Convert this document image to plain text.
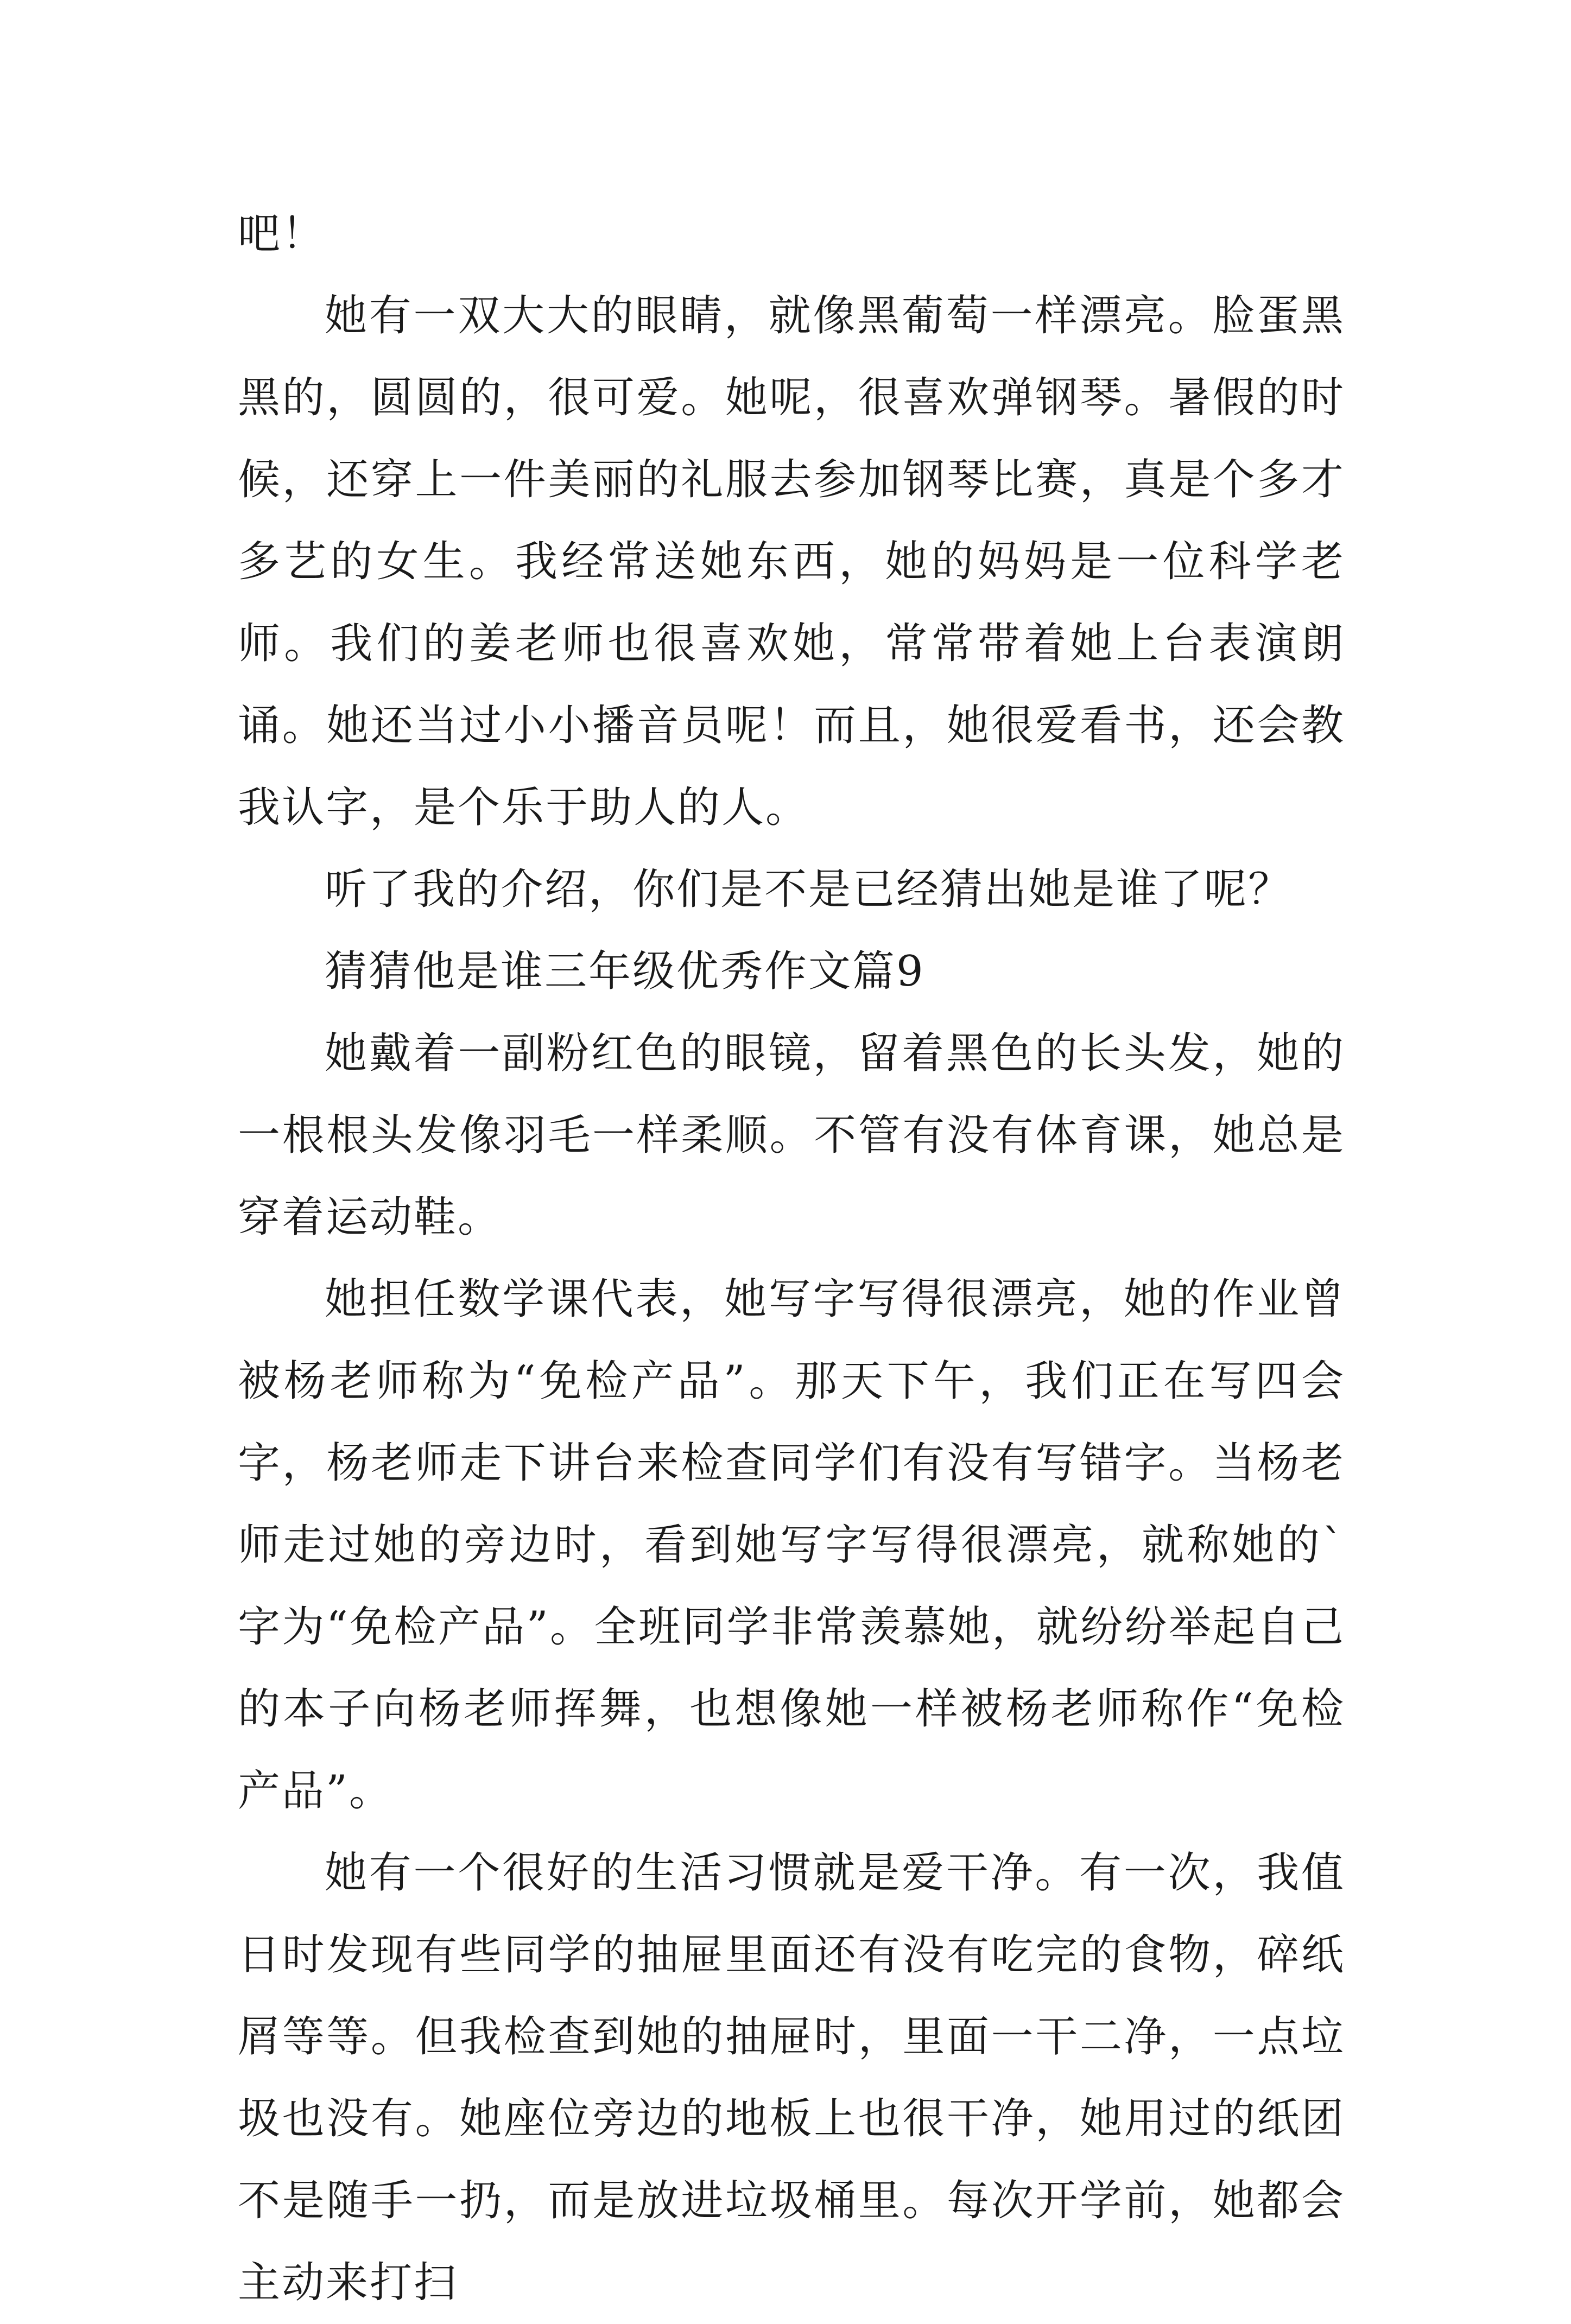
吧！

她有一双大大的眼睛，就像黑葡萄一样漂亮。脸蛋黑黑的，圆圆的，很可爱。她呢，很喜欢弹钢琴。暑假的时候，还穿上一件美丽的礼服去参加钢琴比赛，真是个多才多艺的女生。我经常送她东西，她的妈妈是一位科学老师。我们的姜老师也很喜欢她，常常带着她上台表演朗诵。她还当过小小播音员呢！而且，她很爱看书，还会教我认字，是个乐于助人的人。

听了我的介绍，你们是不是已经猜出她是谁了呢？

猜猜他是谁三年级优秀作文篇9

她戴着一副粉红色的眼镜，留着黑色的长头发，她的一根根头发像羽毛一样柔顺。不管有没有体育课，她总是穿着运动鞋。

她担任数学课代表，她写字写得很漂亮，她的作业曾被杨老师称为“免检产品”。那天下午，我们正在写四会字，杨老师走下讲台来检查同学们有没有写错字。当杨老师走过她的旁边时，看到她写字写得很漂亮，就称她的`字为“免检产品”。全班同学非常羡慕她，就纷纷举起自己的本子向杨老师挥舞，也想像她一样被杨老师称作“免检产品”。

她有一个很好的生活习惯就是爱干净。有一次，我值日时发现有些同学的抽屉里面还有没有吃完的食物，碎纸屑等等。但我检查到她的抽屉时，里面一干二净，一点垃圾也没有。她座位旁边的地板上也很干净，她用过的纸团不是随手一扔，而是放进垃圾桶里。每次开学前，她都会主动来打扫
